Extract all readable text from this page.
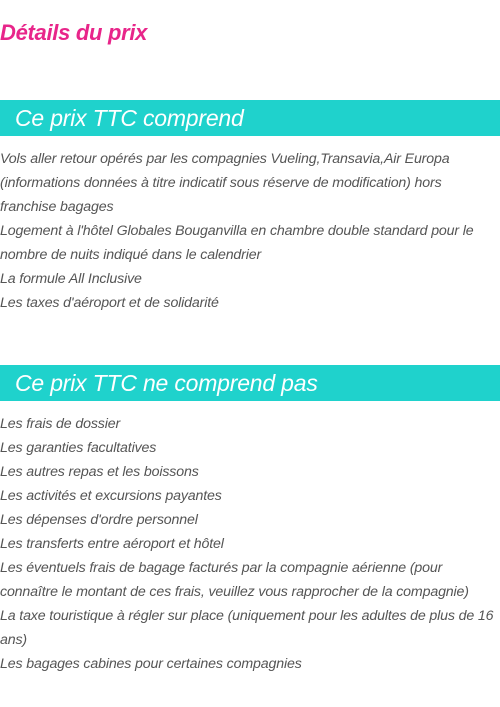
Détails du prix
Ce prix TTC comprend
Vols aller retour opérés par les compagnies Vueling,Transavia,Air Europa (informations données à titre indicatif sous réserve de modification) hors franchise bagages
Logement à l'hôtel Globales Bouganvilla en chambre double standard pour le nombre de nuits indiqué dans le calendrier
La formule All Inclusive
Les taxes d'aéroport et de solidarité
Ce prix TTC ne comprend pas
Les frais de dossier
Les garanties facultatives
Les autres repas et les boissons
Les activités et excursions payantes
Les dépenses d'ordre personnel
Les transferts entre aéroport et hôtel
Les éventuels frais de bagage facturés par la compagnie aérienne (pour connaître le montant de ces frais, veuillez vous rapprocher de la compagnie)
La taxe touristique à régler sur place (uniquement pour les adultes de plus de 16 ans)
Les bagages cabines pour certaines compagnies
